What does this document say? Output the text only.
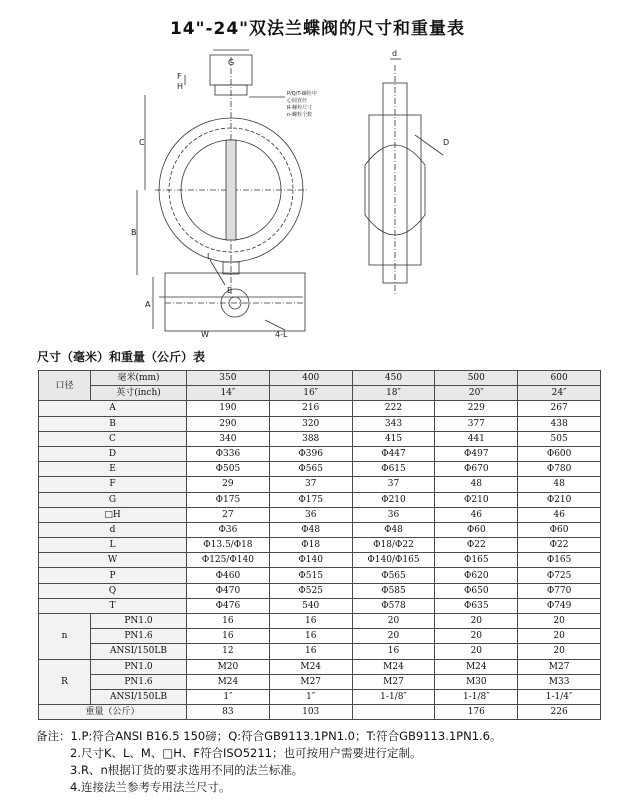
14"-24"双法兰蝶阀的尺寸和重量表
G
F
H
C
B
E
d
D
L
A
W	4-L
P/Q/T-螺栓中
心圆直径
R-螺栓尺寸
n-螺栓个数
尺寸（毫米）和重量（公斤）表
口径	毫米(mm)	350	400	450	500	600
	英寸(inch)	14″	16″	18″	20″	24″
A		190	216	222	229	267
B		290	320	343	377	438
C		340	388	415	441	505
D		Φ336	Φ396	Φ447	Φ497	Φ600
E		Φ505	Φ565	Φ615	Φ670	Φ780
F		29	37	37	48	48
G		Φ175	Φ175	Φ210	Φ210	Φ210
□H		27	36	36	46	46
d		Φ36	Φ48	Φ48	Φ60	Φ60
L		Φ13.5/Φ18	Φ18	Φ18/Φ22	Φ22	Φ22
W		Φ125/Φ140	Φ140	Φ140/Φ165	Φ165	Φ165
P		Φ460	Φ515	Φ565	Φ620	Φ725
Q		Φ470	Φ525	Φ585	Φ650	Φ770
T		Φ476	540	Φ578	Φ635	Φ749
n	PN1.0	16	16	20	20	20
	PN1.6	16	16	20	20	20
	ANSI/150LB	12	16	16	20	20
R	PN1.0	M20	M24	M24	M24	M27
	PN1.6	M24	M27	M27	M30	M33
	ANSI/150LB	1″	1″	1-1/8″	1-1/8″	1-1/4″
重量（公斤）		83	103		176	226
备注：1.P:符合ANSI B16.5 150磅；Q:符合GB9113.1PN1.0；T:符合GB9113.1PN1.6。
2.尺寸K、L、M、□H、F符合ISO5211；也可按用户需要进行定制。
3.R、n根据订货的要求选用不同的法兰标准。
4.连接法兰参考专用法兰尺寸。
